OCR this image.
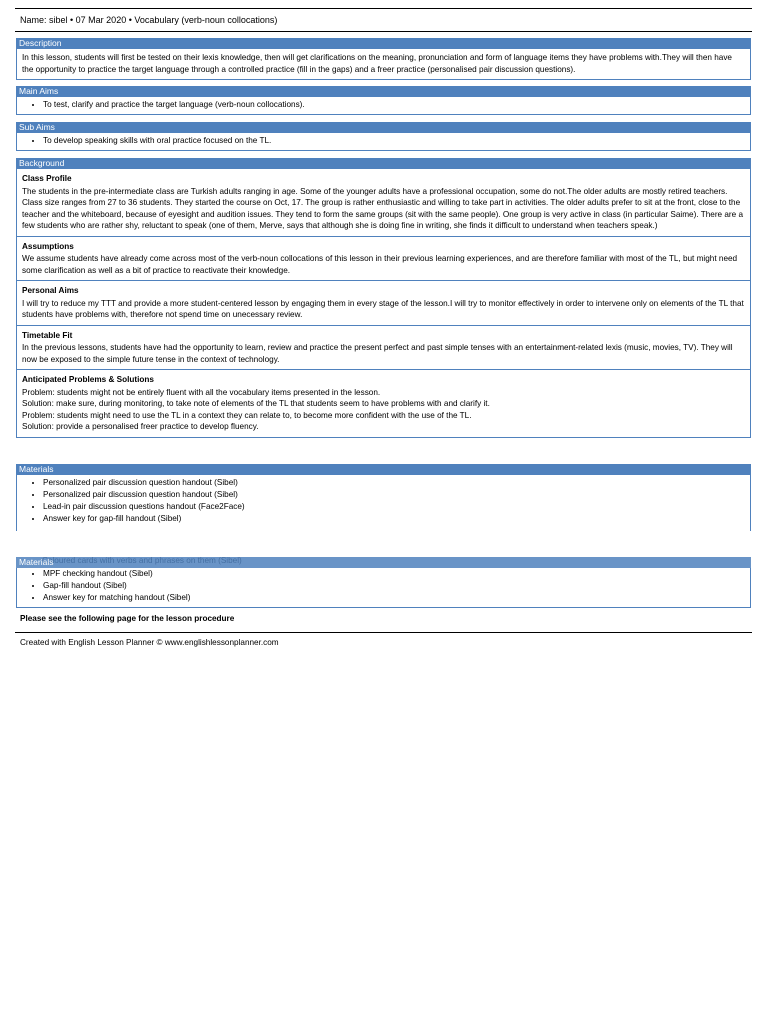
Name: sibel • 07 Mar 2020 • Vocabulary (verb-noun collocations)
Description

In this lesson, students will first be tested on their lexis knowledge, then will get clarifications on the meaning, pronunciation and form of language items they have problems with.They will then have the opportunity to practice the target language through a controlled practice (fill in the gaps) and a freer practice (personalised pair discussion questions).

Main Aims
• To test, clarify and practice the target language (verb-noun collocations).
Sub Aims
• To develop speaking skills with oral practice focused on the TL.
Background
Class Profile
The students in the pre-intermediate class are Turkish adults ranging in age. Some of the younger adults have a professional occupation, some do not.The older adults are mostly retired teachers. Class size ranges from 27 to 36 students. They started the course on Oct, 17. The group is rather enthusiastic and willing to take part in activities. The older adults prefer to sit at the front, close to the teacher and the whiteboard, because of eyesight and audition issues. They tend to form the same groups (sit with the same people). One group is very active in class (in particular Saime). There are a few students who are rather shy, reluctant to speak (one of them, Merve, says that although she is doing fine in writing, she finds it difficult to understand when teachers speak.)
Assumptions
We assume students have already come across most of the verb-noun collocations of this lesson in their previous learning experiences, and are therefore familiar with most of the TL, but might need some clarification as well as a bit of practice to reactivate their knowledge.
Personal Aims
I will try to reduce my TTT and provide a more student-centered lesson by engaging them in every stage of the lesson.I will try to monitor effectively in order to intervene only on elements of the TL that students have problems with, therefore not spend time on unecessary review.
Timetable Fit
In the previous lessons, students have had the opportunity to learn, review and practice the present perfect and past simple tenses with an entertainment-related lexis (music, movies, TV). They will now be exposed to the simple future tense in the context of technology.
Anticipated Problems & Solutions
Problem: students might not be entirely fluent with all the vocabulary items presented in the lesson.
Solution: make sure, during monitoring, to take note of elements of the TL that students seem to have problems with and clarify it.
Problem: students might need to use the TL in a context they can relate to, to become more confident with the use of the TL.
Solution: provide a personalised freer practice to develop fluency.
Materials
• Personalized pair discussion question handout (Sibel)
• Personalized pair discussion question handout (Sibel)
• Lead-in pair discussion questions handout (Face2Face)
• Answer key for gap-fill handout (Sibel)
•
Materials
• MPF checking handout (Sibel)
• Gap-fill handout (Sibel)
• Answer key for matching handout (Sibel)
Please see the following page for the lesson procedure
Created with English Lesson Planner © www.englishlessonplanner.com
